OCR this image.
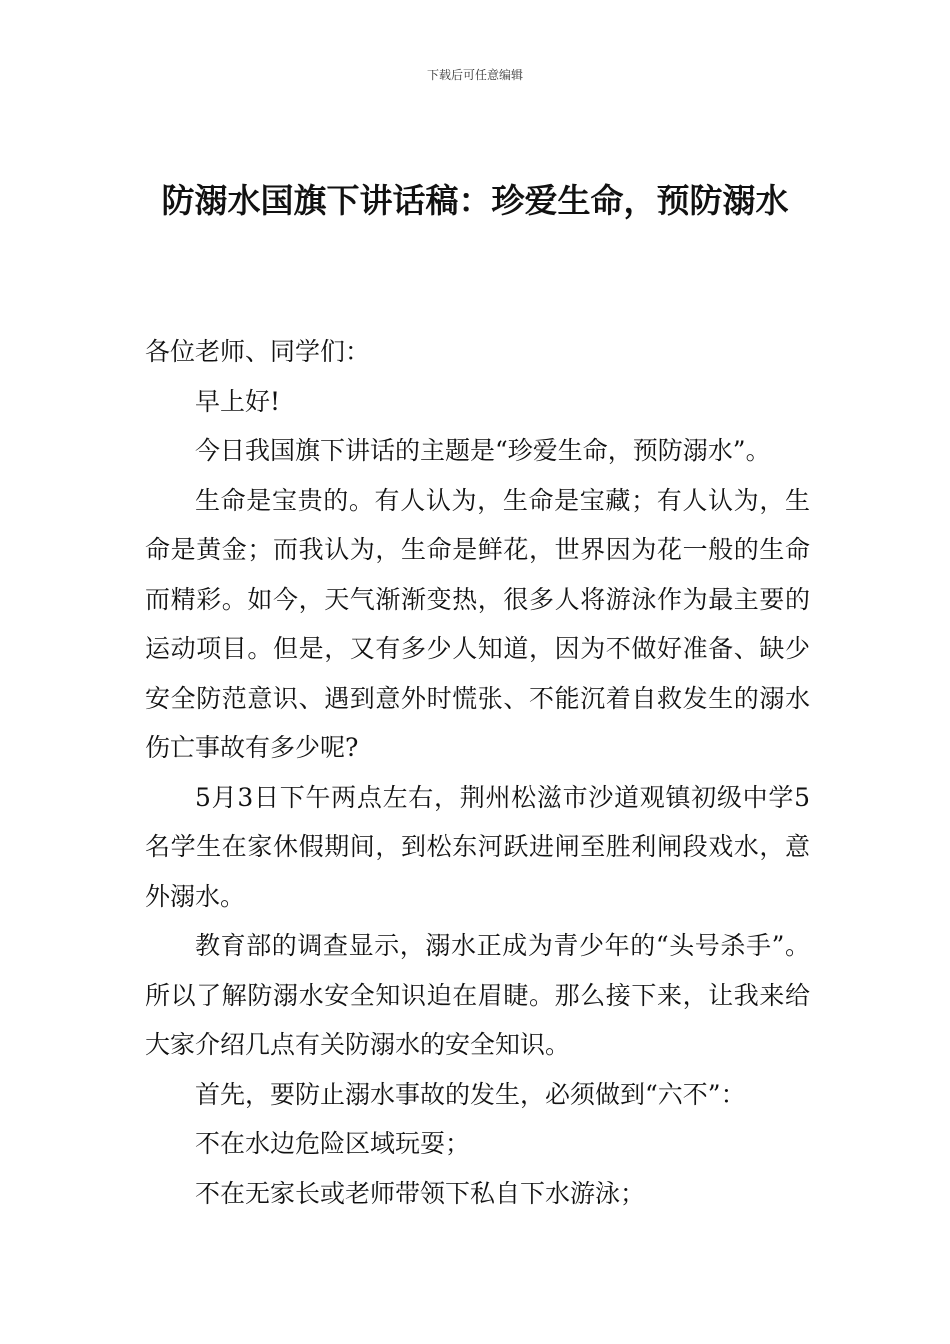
下载后可任意编辑
防溺水国旗下讲话稿：珍爱生命，预防溺水

各位老师、同学们：

早上好!

今日我国旗下讲话的主题是“珍爱生命，预防溺水”。

生命是宝贵的。有人认为，生命是宝藏；有人认为，生命是黄金；而我认为，生命是鲜花，世界因为花一般的生命而精彩。如今，天气渐渐变热，很多人将游泳作为最主要的运动项目。但是，又有多少人知道，因为不做好准备、缺少安全防范意识、遇到意外时慌张、不能沉着自救发生的溺水伤亡事故有多少呢?

5月3日下午两点左右，荆州松滋市沙道观镇初级中学5名学生在家休假期间，到松东河跃进闸至胜利闸段戏水，意外溺水。

教育部的调查显示，溺水正成为青少年的“头号杀手”。所以了解防溺水安全知识迫在眉睫。那么接下来，让我来给大家介绍几点有关防溺水的安全知识。

首先，要防止溺水事故的发生，必须做到“六不”：

不在水边危险区域玩耍；

不在无家长或老师带领下私自下水游泳；
